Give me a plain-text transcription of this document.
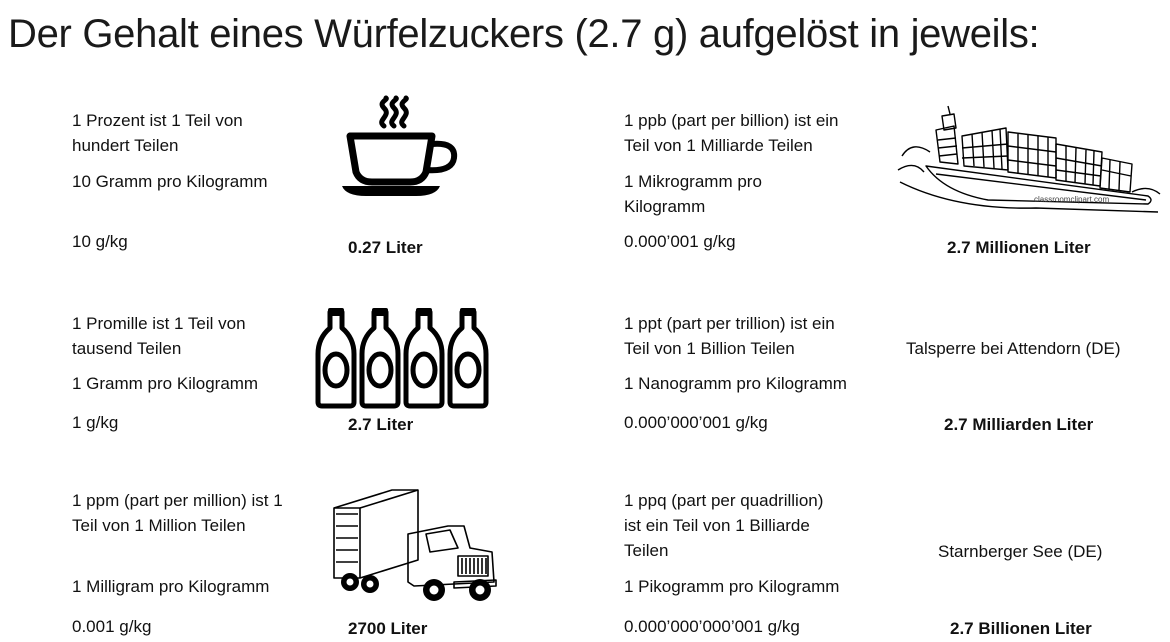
Der Gehalt eines Würfelzuckers (2.7 g) aufgelöst in jeweils:
1 Prozent ist 1 Teil von
hundert Teilen
10 Gramm pro Kilogramm
10 g/kg	0.27 Liter
1 Promille ist 1 Teil von
tausend Teilen
1 Gramm pro Kilogramm
1 g/kg	2.7 Liter
1 ppm (part per million) ist 1
Teil von 1 Million Teilen
1 Milligram pro Kilogramm
0.001 g/kg	2700 Liter
1 ppb (part per billion) ist ein
Teil von 1 Milliarde Teilen
1 Mikrogramm pro
Kilogramm
0.000’001 g/kg	2.7 Millionen Liter
classroomclipart.com
1 ppt (part per trillion) ist ein
Teil von 1 Billion Teilen
1 Nanogramm pro Kilogramm
0.000’000’001 g/kg
Talsperre bei Attendorn (DE)
2.7 Milliarden Liter
1 ppq (part per quadrillion)
ist ein Teil von 1 Billiarde
Teilen
1 Pikogramm pro Kilogramm
0.000’000’000’001 g/kg
Starnberger See (DE)
2.7 Billionen Liter
